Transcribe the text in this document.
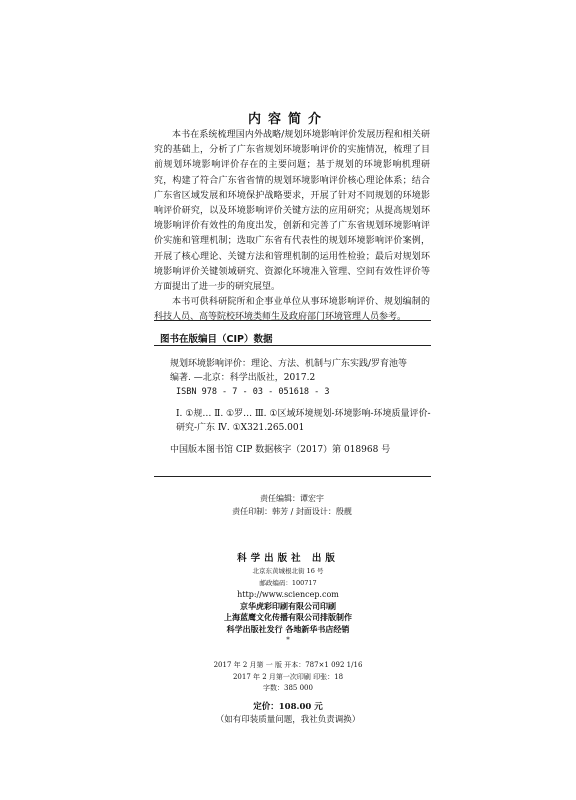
内容简介

本书在系统梳理国内外战略/规划环境影响评价发展历程和相关研究的基础上，分析了广东省规划环境影响评价的实施情况，梳理了目前规划环境影响评价存在的主要问题；基于规划的环境影响机理研究，构建了符合广东省省情的规划环境影响评价核心理论体系；结合广东省区域发展和环境保护战略要求，开展了针对不同规划的环境影响评价研究，以及环境影响评价关键方法的应用研究；从提高规划环境影响评价有效性的角度出发，创新和完善了广东省规划环境影响评价实施和管理机制；选取广东省有代表性的规划环境影响评价案例，开展了核心理论、关键方法和管理机制的运用性检验；最后对规划环境影响评价关键领域研究、资源化环境准入管理、空间有效性评价等方面提出了进一步的研究展望。

本书可供科研院所和企事业单位从事环境影响评价、规划编制的科技人员、高等院校环境类师生及政府部门环境管理人员参考。

图书在版编目（CIP）数据
规划环境影响评价：理论、方法、机制与广东实践/罗育池等
编著. —北京：科学出版社，2017.2
ISBN 978 - 7 - 03 - 051618 - 3
Ⅰ. ①规… Ⅱ. ①罗… Ⅲ. ①区域环境规划-环境影响-环境质量评价-研究-广东 Ⅳ. ①X321.265.001
中国版本图书馆 CIP 数据核字（2017）第 018968 号
责任编辑：谭宏宇
责任印制：韩芳 / 封面设计：殷靓
科学出版社 出版
北京东黄城根北街 16 号
邮政编码：100717
http://www.sciencep.com
京华虎彩印刷有限公司印刷
上海蓝鹰文化传播有限公司排版制作
科学出版社发行 各地新华书店经销
*
2017 年 2 月第 一 版 开本：787×1 092 1/16
2017 年 2 月第一次印刷 印张：18
字数：385 000
定价：108.00 元
（如有印装质量问题，我社负责调换）
